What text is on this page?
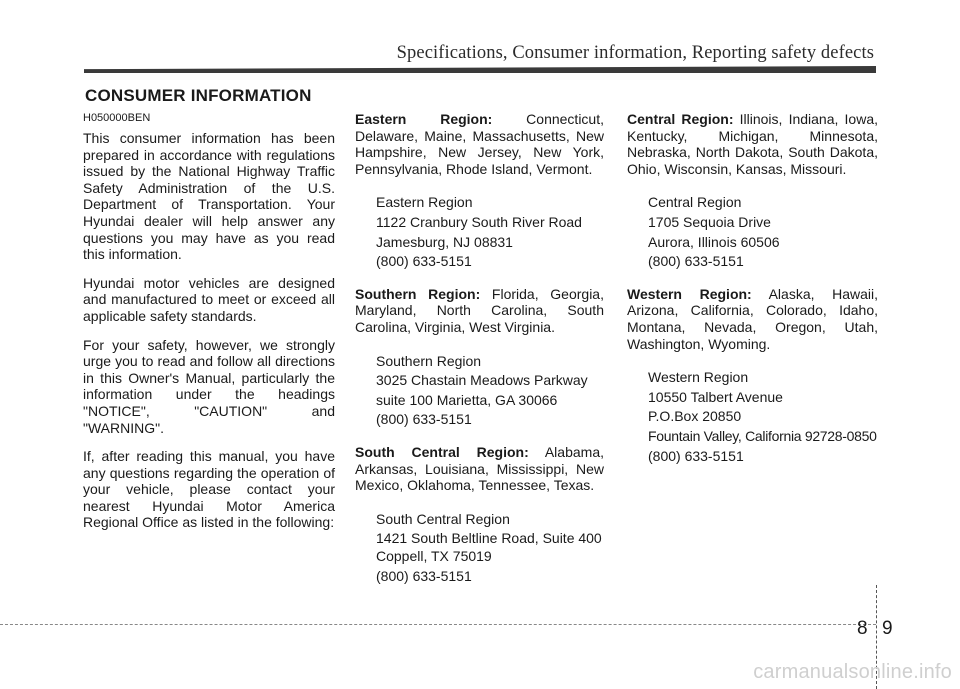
Specifications, Consumer information, Reporting safety defects
CONSUMER INFORMATION

H050000BEN

This consumer information has been prepared in accordance with regulations issued by the National Highway Traffic Safety Administration of the U.S. Department of Transportation. Your Hyundai dealer will help answer any questions you may have as you read this information.

Hyundai motor vehicles are designed and manufactured to meet or exceed all applicable safety standards.

For your safety, however, we strongly urge you to read and follow all directions in this Owner's Manual, particularly the information under the headings "NOTICE", "CAUTION" and "WARNING".

If, after reading this manual, you have any questions regarding the operation of your vehicle, please contact your nearest Hyundai Motor America Regional Office as listed in the following:

Eastern Region: Connecticut, Delaware, Maine, Massachusetts, New Hampshire, New Jersey, New York, Pennsylvania, Rhode Island, Vermont.

Eastern Region
1122 Cranbury South River Road
Jamesburg, NJ 08831
(800) 633-5151

Southern Region: Florida, Georgia, Maryland, North Carolina, South Carolina, Virginia, West Virginia.

Southern Region
3025 Chastain Meadows Parkway
suite 100 Marietta, GA 30066
(800) 633-5151

South Central Region: Alabama, Arkansas, Louisiana, Mississippi, New Mexico, Oklahoma, Tennessee, Texas.

South Central Region
1421 South Beltline Road, Suite 400
Coppell, TX 75019
(800) 633-5151

Central Region: Illinois, Indiana, Iowa, Kentucky, Michigan, Minnesota, Nebraska, North Dakota, South Dakota, Ohio, Wisconsin, Kansas, Missouri.

Central Region
1705 Sequoia Drive
Aurora, Illinois 60506
(800) 633-5151

Western Region: Alaska, Hawaii, Arizona, California, Colorado, Idaho, Montana, Nevada, Oregon, Utah, Washington, Wyoming.

Western Region
10550 Talbert Avenue
P.O.Box 20850
Fountain Valley, California 92728-0850
(800) 633-5151
8 9
carmanualsonline.info
